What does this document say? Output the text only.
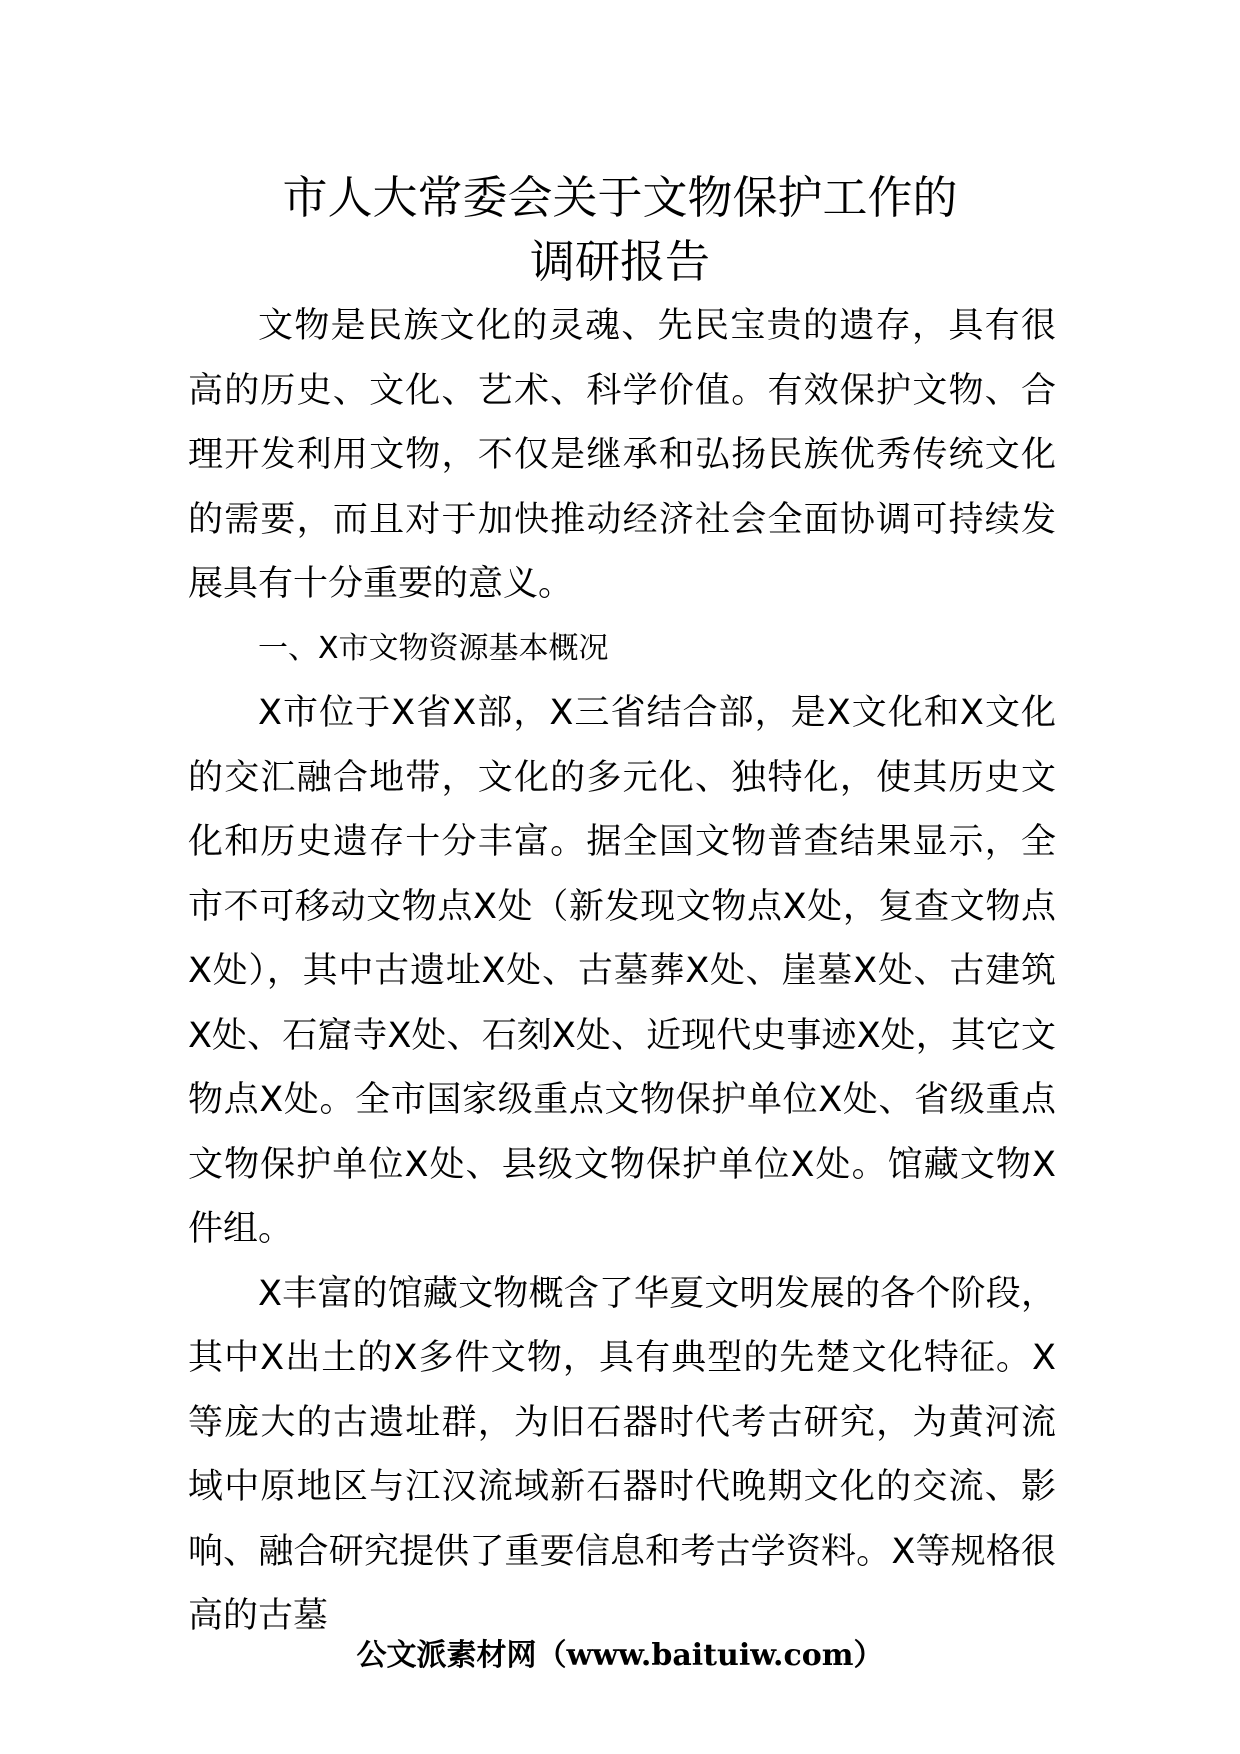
市人大常委会关于文物保护工作的
调研报告

文物是民族文化的灵魂、先民宝贵的遗存，具有很高的历史、文化、艺术、科学价值。有效保护文物、合理开发利用文物，不仅是继承和弘扬民族优秀传统文化的需要，而且对于加快推动经济社会全面协调可持续发展具有十分重要的意义。

一、X市文物资源基本概况

X市位于X省X部，X三省结合部，是X文化和X文化的交汇融合地带，文化的多元化、独特化，使其历史文化和历史遗存十分丰富。据全国文物普查结果显示，全市不可移动文物点X处（新发现文物点X处，复查文物点X处），其中古遗址X处、古墓葬X处、崖墓X处、古建筑X处、石窟寺X处、石刻X处、近现代史事迹X处，其它文物点X处。全市国家级重点文物保护单位X处、省级重点文物保护单位X处、县级文物保护单位X处。馆藏文物X件组。

X丰富的馆藏文物概含了华夏文明发展的各个阶段，其中X出土的X多件文物，具有典型的先楚文化特征。X等庞大的古遗址群，为旧石器时代考古研究，为黄河流域中原地区与江汉流域新石器时代晚期文化的交流、影响、融合研究提供了重要信息和考古学资料。X等规格很高的古墓

公文派素材网（www.baituiw.com）
